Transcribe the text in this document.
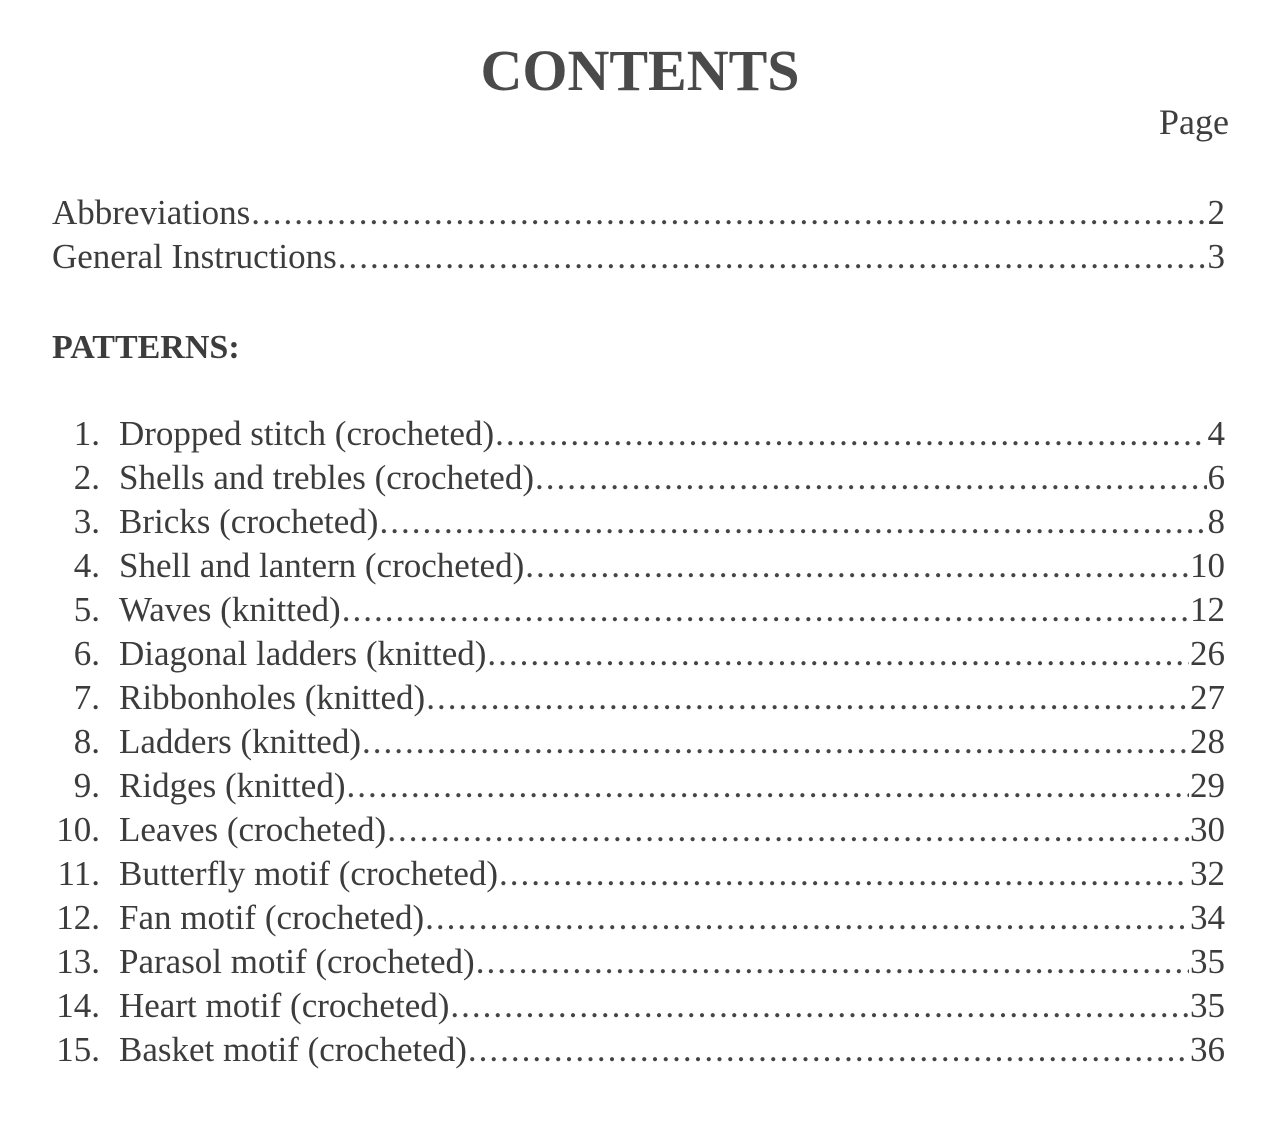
CONTENTS
Page
Abbreviations .....	2
General Instructions .....	3
PATTERNS:
1. Dropped stitch (crocheted) .....	4
2. Shells and trebles (crocheted) .....	6
3. Bricks (crocheted) .....	8
4. Shell and lantern (crocheted) .....	10
5. Waves (knitted) .....	12
6. Diagonal ladders (knitted) .....	26
7. Ribbonholes (knitted) .....	27
8. Ladders (knitted) .....	28
9. Ridges (knitted) .....	29
10. Leaves (crocheted) .....	30
11. Butterfly motif (crocheted) .....	32
12. Fan motif (crocheted) .....	34
13. Parasol motif (crocheted) .....	35
14. Heart motif (crocheted) .....	35
15. Basket motif (crocheted) .....	36
